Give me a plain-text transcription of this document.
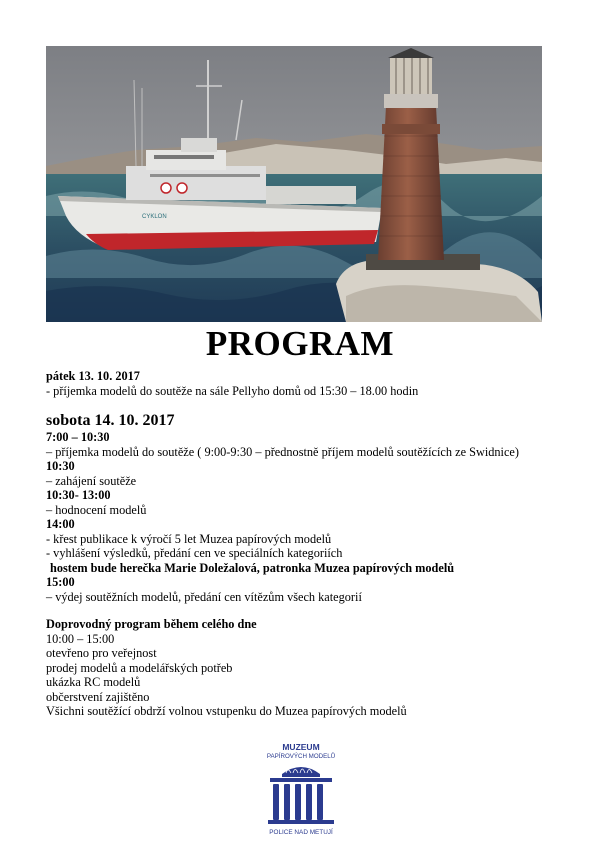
CYKLON
PROGRAM
pátek 13. 10. 2017
- příjemka modelů do soutěže na sále Pellyho domů od 15:30 – 18.00 hodin
sobota 14. 10. 2017
7:00 – 10:30
– příjemka modelů do soutěže ( 9:00-9:30 – přednostně příjem modelů soutěžících ze Swidnice)
10:30
– zahájení soutěže
10:30- 13:00
– hodnocení modelů
14:00
- křest publikace k výročí 5 let Muzea papírových modelů
- vyhlášení výsledků, předání cen ve speciálních kategoriích
hostem bude herečka Marie Doležalová, patronka Muzea papírových modelů
15:00
– výdej soutěžních modelů, předání cen vítězům všech kategorií
Doprovodný program během celého dne
10:00 – 15:00
otevřeno pro veřejnost
prodej modelů a modelářských potřeb
ukázka RC modelů
občerstvení zajištěno
Všichni soutěžící obdrží volnou vstupenku do Muzea papírových modelů
MUZEUM
PAPÍROVÝCH MODELŮ
POLICE NAD METUJÍ
